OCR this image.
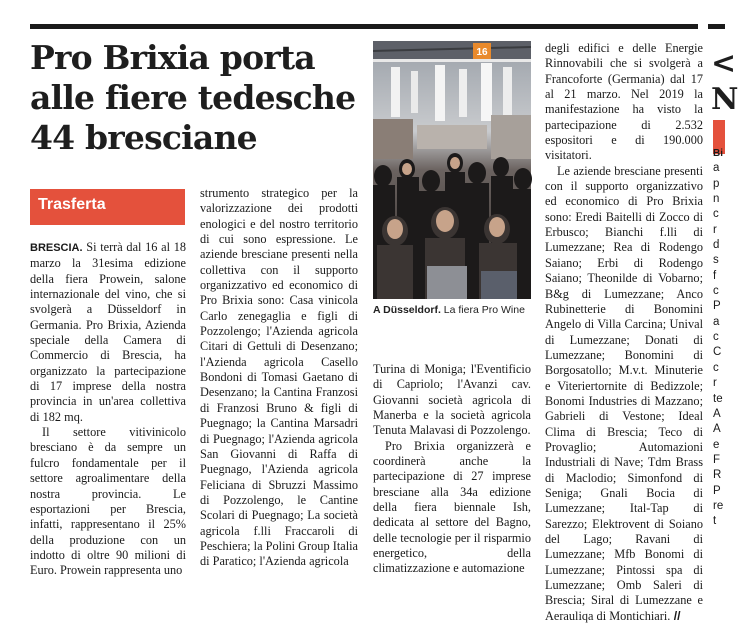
Pro Brixia porta
alle fiere tedesche
44 bresciane
Trasferta

BRESCIA. Si terrà dal 16 al 18 marzo la 31esima edizione della fiera Prowein, salone internazionale del vino, che si svolgerà a Düsseldorf in Germania. Pro Brixia, Azienda speciale della Camera di Commercio di Brescia, ha organizzato la partecipazione di 17 imprese della nostra provincia in un'area collettiva di 182 mq.

Il settore vitivinicolo bresciano è da sempre un fulcro fondamentale per il settore agroalimentare della nostra provincia. Le esportazioni per Brescia, infatti, rappresentano il 25% della produzione con un indotto di oltre 90 milioni di Euro. Prowein rappresenta uno

strumento strategico per la valorizzazione dei prodotti enologici e del nostro territorio di cui sono espressione. Le aziende bresciane presenti nella collettiva con il supporto organizzativo ed economico di Pro Brixia sono: Casa vinicola Carlo zenegaglia e figli di Pozzolengo; l'Azienda agricola Citari di Gettuli di Desenzano; l'Azienda agricola Casello Bondoni di Tomasi Gaetano di Desenzano; la Cantina Franzosi di Franzosi Bruno & figli di Puegnago; la Cantina Marsadri di Puegnago; l'Azienda agricola San Giovanni di Raffa di Puegnago, l'Azienda agricola Feliciana di Sbruzzi Massimo di Pozzolengo, le Cantine Scolari di Puegnago; La società agricola f.lli Fraccaroli di Peschiera; la Polini Group Italia di Paratico; l'Azienda agricola

16
A Düsseldorf. La fiera Pro Wine

Turina di Moniga; l'Eventificio di Capriolo; l'Avanzi cav. Giovanni società agricola di Manerba e la società agricola Tenuta Malavasi di Pozzolengo.

Pro Brixia organizzerà e coordinerà anche la partecipazione di 27 imprese bresciane alla 34a edizione della fiera biennale Ish, dedicata al settore del Bagno, delle tecnologie per il risparmio energetico, della climatizzazione e automazione

degli edifici e delle Energie Rinnovabili che si svolgerà a Francoforte (Germania) dal 17 al 21 marzo. Nel 2019 la manifestazione ha visto la partecipazione di 2.532 espositori e di 190.000 visitatori.

Le aziende bresciane presenti con il supporto organizzativo ed economico di Pro Brixia sono: Eredi Baitelli di Zocco di Erbusco; Bianchi f.lli di Lumezzane; Rea di Rodengo Saiano; Erbi di Rodengo Saiano; Theonilde di Vobarno; B&g di Lumezzane; Anco Rubinetterie di Bonomini Angelo di Villa Carcina; Unival di Lumezzane; Donati di Lumezzane; Bonomini di Borgosatollo; M.v.t. Minuterie e Viteriertornite di Bedizzole; Bonomi Industries di Mazzano; Gabrieli di Vestone; Ideal Clima di Brescia; Teco di Provaglio; Automazioni Industriali di Nave; Tdm Brass di Maclodio; Simonfond di Seniga; Gnali Bocia di Lumezzane; Ital-Tap di Sarezzo; Elektrovent di Soiano del Lago; Ravani di Lumezzane; Mfb Bonomi di Lumezzane; Pintossi spa di Lumezzane; Omb Saleri di Brescia; Siral di Lumezzane e Aerauliqa di Montichiari. //

<
N
Bi
a
p
n
c
r
d
s
f
c
P
a
c
C
c
r
te
A
A
e
F
R
P
re
t
